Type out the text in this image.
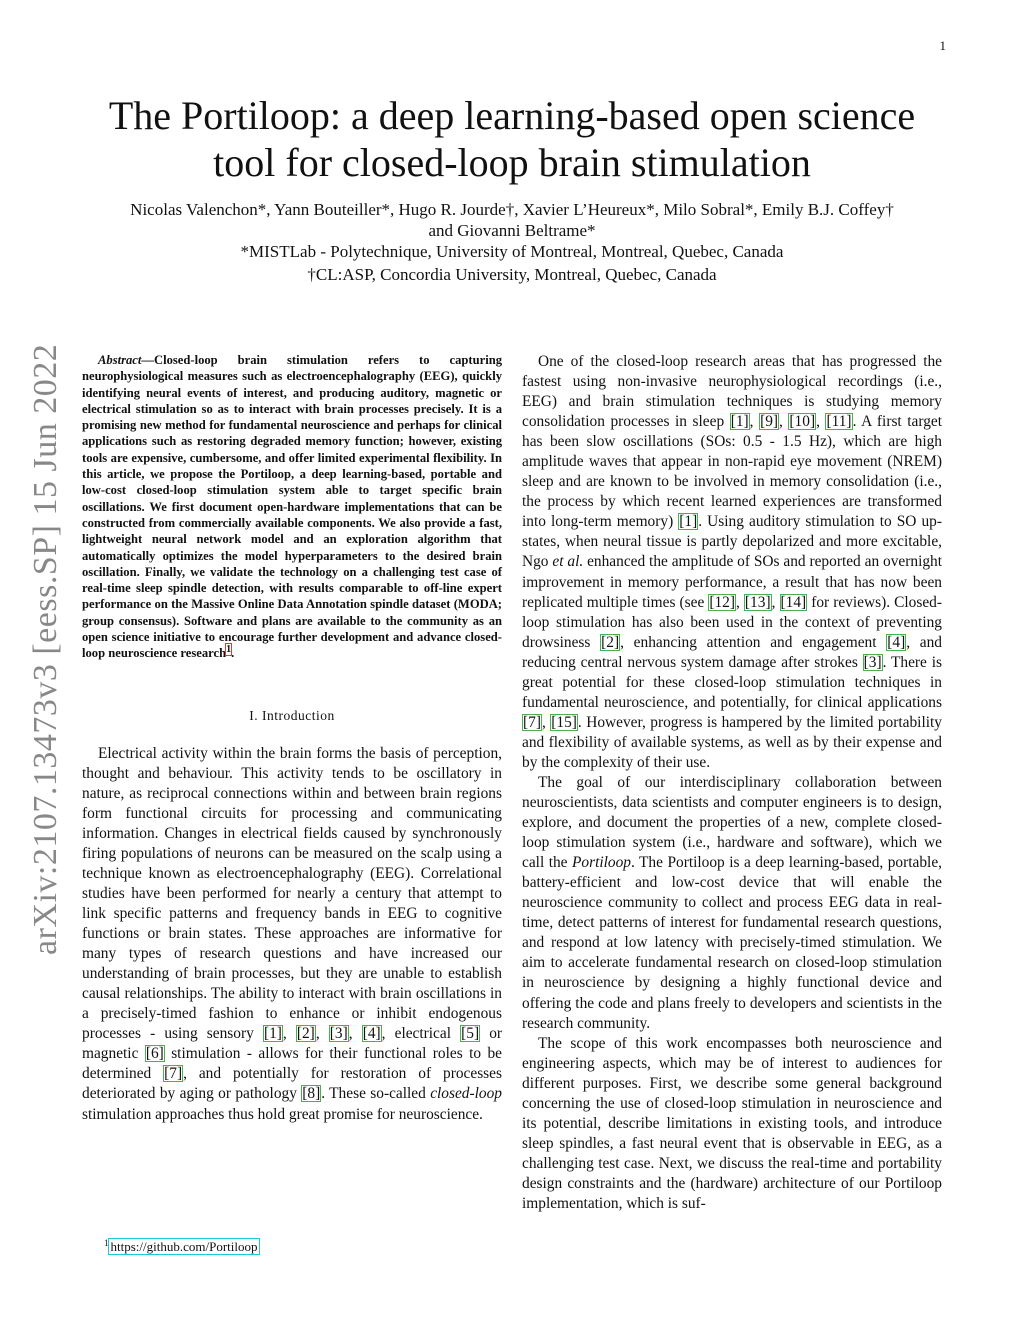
1
arXiv:2107.13473v3 [eess.SP] 15 Jun 2022
The Portiloop: a deep learning-based open science tool for closed-loop brain stimulation
Nicolas Valenchon*, Yann Bouteiller*, Hugo R. Jourde†, Xavier L’Heureux*, Milo Sobral*, Emily B.J. Coffey†
and Giovanni Beltrame*
*MISTLab - Polytechnique, University of Montreal, Montreal, Quebec, Canada
†CL:ASP, Concordia University, Montreal, Quebec, Canada

Abstract—Closed-loop brain stimulation refers to capturing neurophysiological measures such as electroencephalography (EEG), quickly identifying neural events of interest, and producing auditory, magnetic or electrical stimulation so as to interact with brain processes precisely. It is a promising new method for fundamental neuroscience and perhaps for clinical applications such as restoring degraded memory function; however, existing tools are expensive, cumbersome, and offer limited experimental flexibility. In this article, we propose the Portiloop, a deep learning-based, portable and low-cost closed-loop stimulation system able to target specific brain oscillations. We first document open-hardware implementations that can be constructed from commercially available components. We also provide a fast, lightweight neural network model and an exploration algorithm that automatically optimizes the model hyperparameters to the desired brain oscillation. Finally, we validate the technology on a challenging test case of real-time sleep spindle detection, with results comparable to off-line expert performance on the Massive Online Data Annotation spindle dataset (MODA; group consensus). Software and plans are available to the community as an open science initiative to encourage further development and advance closed-loop neuroscience research$^1$.

I. Introduction

Electrical activity within the brain forms the basis of perception, thought and behaviour. This activity tends to be oscillatory in nature, as reciprocal connections within and between brain regions form functional circuits for processing and communicating information. Changes in electrical fields caused by synchronously firing populations of neurons can be measured on the scalp using a technique known as electroencephalography (EEG). Correlational studies have been performed for nearly a century that attempt to link specific patterns and frequency bands in EEG to cognitive functions or brain states. These approaches are informative for many types of research questions and have increased our understanding of brain processes, but they are unable to establish causal relationships. The ability to interact with brain oscillations in a precisely-timed fashion to enhance or inhibit endogenous processes - using sensory [1], [2], [3], [4], electrical [5] or magnetic [6] stimulation - allows for their functional roles to be determined [7], and potentially for restoration of processes deteriorated by aging or pathology [8]. These so-called closed-loop stimulation approaches thus hold great promise for neuroscience.

One of the closed-loop research areas that has progressed the fastest using non-invasive neurophysiological recordings (i.e., EEG) and brain stimulation techniques is studying memory consolidation processes in sleep [1], [9], [10], [11]. A first target has been slow oscillations (SOs: 0.5 - 1.5 Hz), which are high amplitude waves that appear in non-rapid eye movement (NREM) sleep and are known to be involved in memory consolidation (i.e., the process by which recent learned experiences are transformed into long-term memory) [1]. Using auditory stimulation to SO up-states, when neural tissue is partly depolarized and more excitable, Ngo et al. enhanced the amplitude of SOs and reported an overnight improvement in memory performance, a result that has now been replicated multiple times (see [12], [13], [14] for reviews). Closed-loop stimulation has also been used in the context of preventing drowsiness [2], enhancing attention and engagement [4], and reducing central nervous system damage after strokes [3]. There is great potential for these closed-loop stimulation techniques in fundamental neuroscience, and potentially, for clinical applications [7], [15]. However, progress is hampered by the limited portability and flexibility of available systems, as well as by their expense and by the complexity of their use.

The goal of our interdisciplinary collaboration between neuroscientists, data scientists and computer engineers is to design, explore, and document the properties of a new, complete closed-loop stimulation system (i.e., hardware and software), which we call the Portiloop. The Portiloop is a deep learning-based, portable, battery-efficient and low-cost device that will enable the neuroscience community to collect and process EEG data in real-time, detect patterns of interest for fundamental research questions, and respond at low latency with precisely-timed stimulation. We aim to accelerate fundamental research on closed-loop stimulation in neuroscience by designing a highly functional device and offering the code and plans freely to developers and scientists in the research community.

The scope of this work encompasses both neuroscience and engineering aspects, which may be of interest to audiences for different purposes. First, we describe some general background concerning the use of closed-loop stimulation in neuroscience and its potential, describe limitations in existing tools, and introduce sleep spindles, a fast neural event that is observable in EEG, as a challenging test case. Next, we discuss the real-time and portability design constraints and the (hardware) architecture of our Portiloop implementation, which is suf-

$^1$ https://github.com/Portiloop
